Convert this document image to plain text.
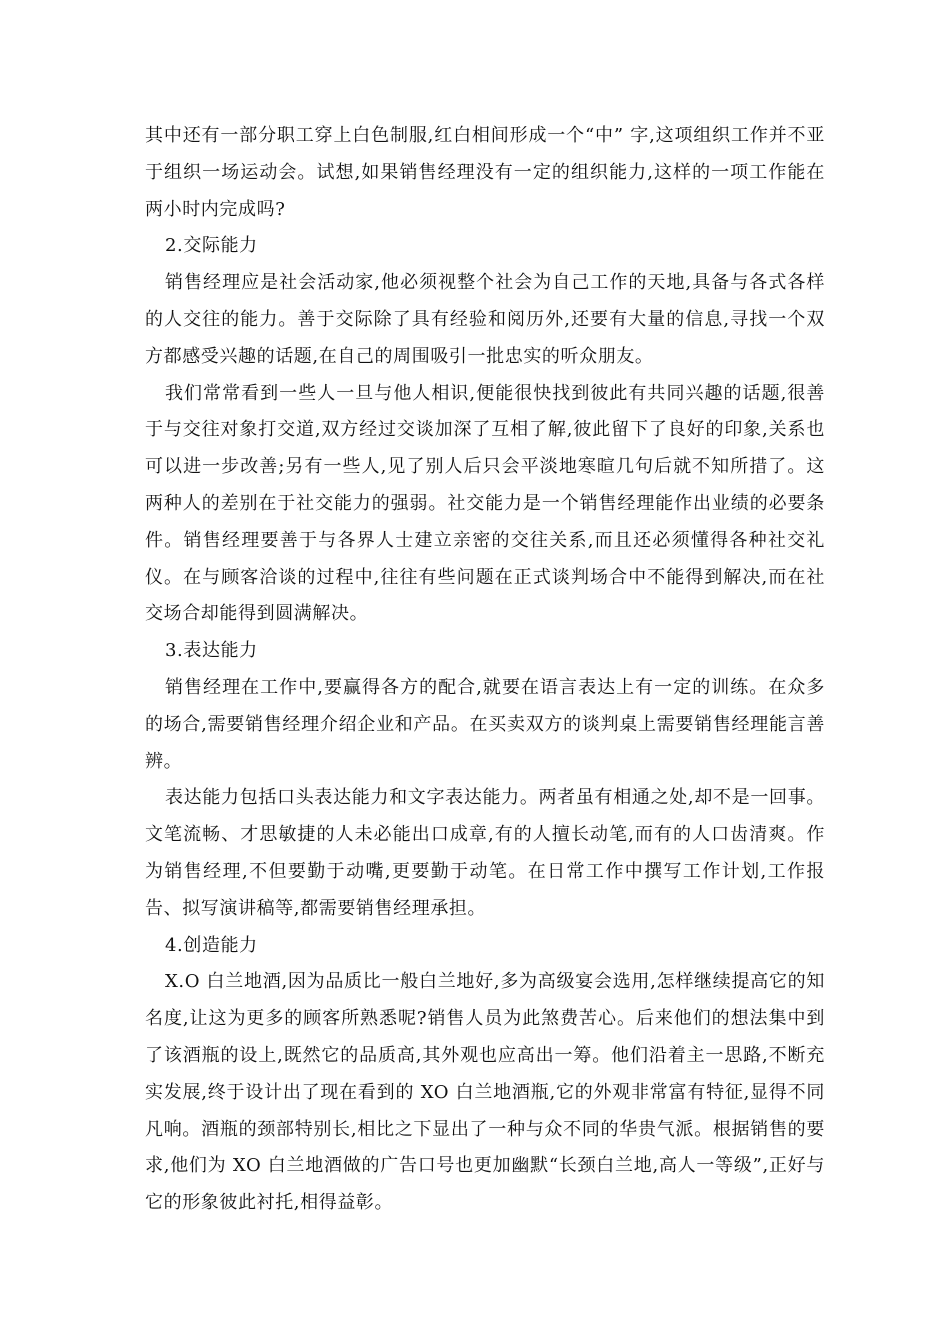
其中还有一部分职工穿上白色制服,红白相间形成一个“中” 字,这项组织工作并不亚于组织一场运动会。试想,如果销售经理没有一定的组织能力,这样的一项工作能在两小时内完成吗?

2.交际能力

销售经理应是社会活动家,他必须视整个社会为自己工作的天地,具备与各式各样的人交往的能力。善于交际除了具有经验和阅历外,还要有大量的信息,寻找一个双方都感受兴趣的话题,在自己的周围吸引一批忠实的听众朋友。

我们常常看到一些人一旦与他人相识,便能很快找到彼此有共同兴趣的话题,很善于与交往对象打交道,双方经过交谈加深了互相了解,彼此留下了良好的印象,关系也可以进一步改善;另有一些人,见了别人后只会平淡地寒暄几句后就不知所措了。这两种人的差别在于社交能力的强弱。社交能力是一个销售经理能作出业绩的必要条件。销售经理要善于与各界人士建立亲密的交往关系,而且还必须懂得各种社交礼仪。在与顾客洽谈的过程中,往往有些问题在正式谈判场合中不能得到解决,而在社交场合却能得到圆满解决。

3.表达能力

销售经理在工作中,要赢得各方的配合,就要在语言表达上有一定的训练。在众多的场合,需要销售经理介绍企业和产品。在买卖双方的谈判桌上需要销售经理能言善辨。

表达能力包括口头表达能力和文字表达能力。两者虽有相通之处,却不是一回事。文笔流畅、才思敏捷的人未必能出口成章,有的人擅长动笔,而有的人口齿清爽。作为销售经理,不但要勤于动嘴,更要勤于动笔。在日常工作中撰写工作计划,工作报告、拟写演讲稿等,都需要销售经理承担。

4.创造能力

X.O 白兰地酒,因为品质比一般白兰地好,多为高级宴会选用,怎样继续提高它的知名度,让这为更多的顾客所熟悉呢?销售人员为此煞费苦心。后来他们的想法集中到了该酒瓶的设上,既然它的品质高,其外观也应高出一筹。他们沿着主一思路,不断充实发展,终于设计出了现在看到的 XO 白兰地酒瓶,它的外观非常富有特征,显得不同凡响。酒瓶的颈部特别长,相比之下显出了一种与众不同的华贵气派。根据销售的要求,他们为 XO 白兰地酒做的广告口号也更加幽默“长颈白兰地,高人一等级”,正好与它的形象彼此衬托,相得益彰。
